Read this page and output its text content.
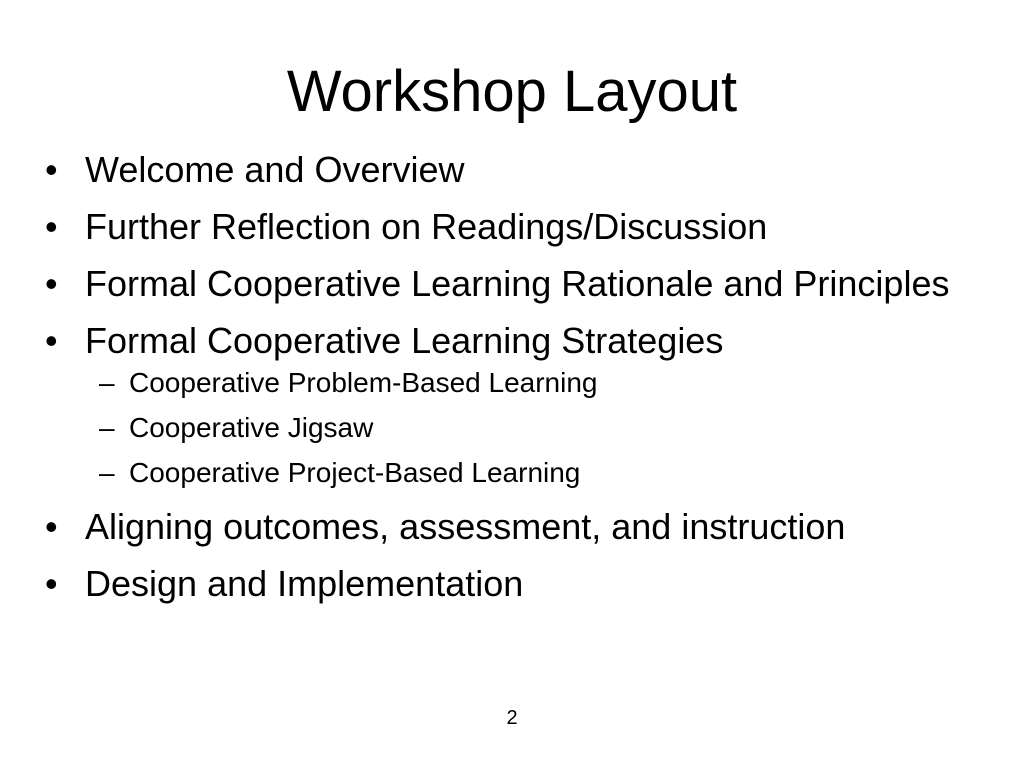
Workshop Layout
• Welcome and Overview
• Further Reflection on Readings/Discussion
• Formal Cooperative Learning Rationale and Principles
• Formal Cooperative Learning Strategies
– Cooperative Problem-Based Learning
– Cooperative Jigsaw
– Cooperative Project-Based Learning
• Aligning outcomes, assessment, and instruction
• Design and Implementation
2
